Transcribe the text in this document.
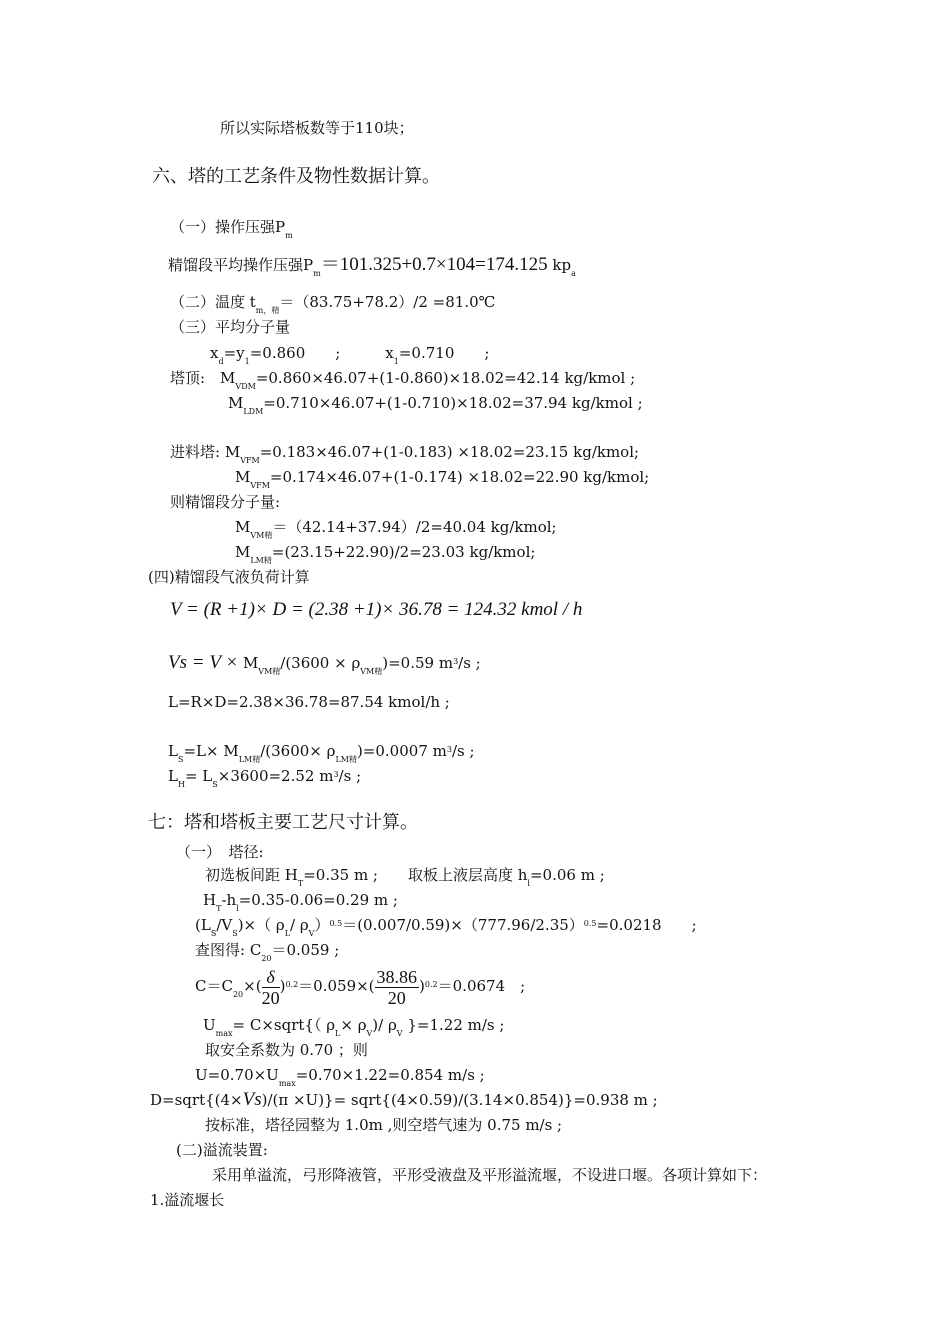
所以实际塔板数等于110块；
六、塔的工艺条件及物性数据计算。
（一）操作压强$P_m$
精馏段平均操作压强$P_m=101.325+0.7\times 104=174.125$ $kp_a$
（二）温度 $t_{m,精}=(83.75+78.2)/2$ =81.0℃
（三）平均分子量
$x_d=y_1=0.860$　　;　　　$x_1=0.710$　　;
塔顶:　$M_{VDM}=0.860\times 46.07+(1-0.860)\times 18.02=42.14$ kg/kmol ;
$M_{LDM}=0.710\times 46.07+(1-0.710)\times 18.02=37.94$ kg/kmol ;
进料塔: $M_{VFM}=0.183\times 46.07+(1-0.183) \times 18.02=23.15$ kg/kmol;
$M_{VFM}=0.174\times 46.07+(1-0.174) \times 18.02=22.90$ kg/kmol;
则精馏段分子量:
$M_{VM精}=(42.14+37.94)/2=40.04$ kg/kmol;
$M_{LM精}=(23.15+22.90)/2=23.03$ kg/kmol;
(四)精馏段气液负荷计算
V = (R +1)× D = (2.38 +1)× 36.78 = 124.32 kmol / h
$Vs = V \times M_{VM精}/(3600 \times \rho_{VM精})=0.59$ $m^3/s$ ;
L=R×D=2.38×36.78=87.54 kmol/h ;
$L_S=L\times M_{LM精}/(3600\times \rho_{LM精})=0.0007$ $m^3/s$ ;
$L_H= L_S\times 3600=2.52$ $m^3/s$ ;
七：塔和塔板主要工艺尺寸计算。
（一）　塔径:
初选板间距 $H_T=0.35$ m ;　　取板上液层高度 $h_l=0.06$ m ;
$H_T-h_l=0.35-0.06=0.29$ m ;
$(L_S/V_S)\times$（ $\rho_L/$ $\rho_V)^{0.5}=(0.007/0.59)\times(777.96/2.35)^{0.5}=0.0218$　　;
查图得: $C_{20}=0.059$ ;
$C=C_{20}\times( \frac{\delta}{20} )^{0.2}=0.059\times( \frac{38.86}{20} )^{0.2}=0.0674$　;
$U_{max}=$ C×sqrt{（ $\rho_L\times \rho_V)/$ $\rho_V$ }=1.22 m/s ;
取安全系数为 0.70 ；则
$U=0.70\times U_{max}=0.70\times 1.22=0.854$ m/s ;
D=sqrt{(4×Vs)/(π ×U)}= sqrt{(4×0.59)/(3.14×0.854)}=0.938 m ;
按标准，塔径园整为 1.0m ,则空塔气速为 0.75 m/s ;
(二)溢流装置:
采用单溢流，弓形降液管，平形受液盘及平形溢流堰，不设进口堰。各项计算如下：
1.溢流堰长
